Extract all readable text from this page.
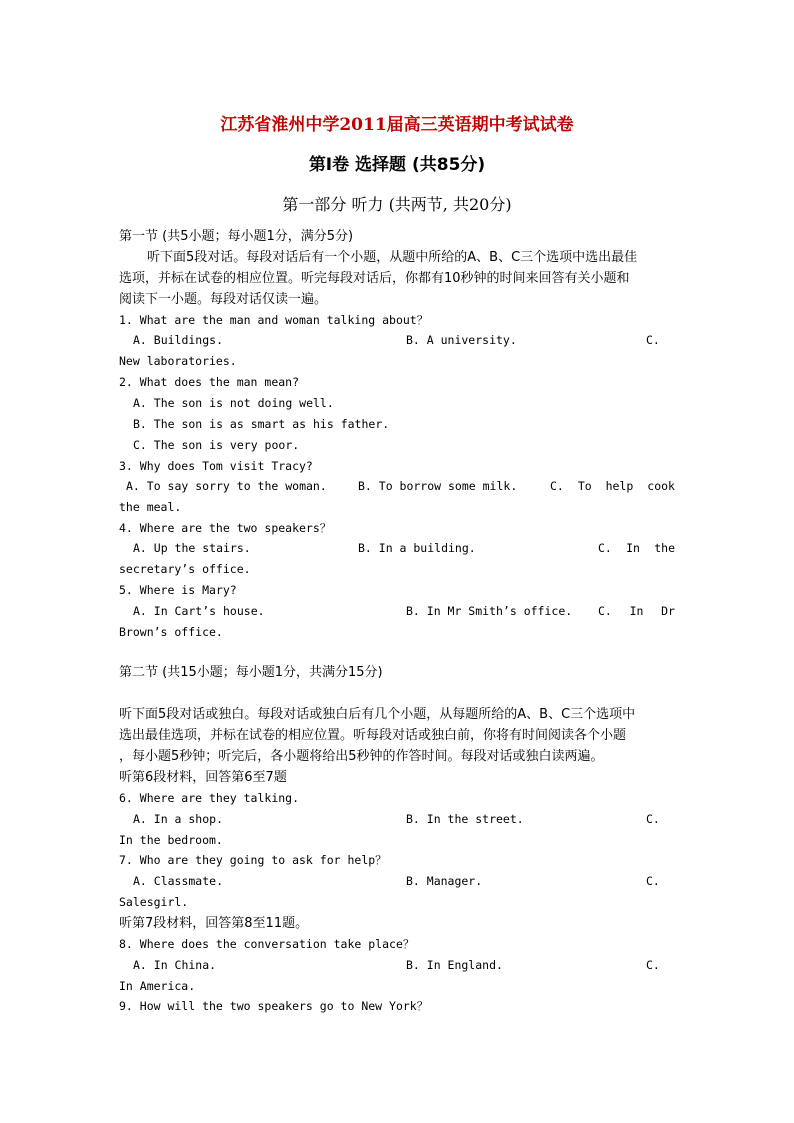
江苏省淮州中学2011届高三英语期中考试试卷
第I卷 选择题 (共85分)
第一部分 听力 (共两节, 共20分)
第一节 (共5小题；每小题1分，满分5分)
听下面5段对话。每段对话后有一个小题，从题中所给的A、B、C三个选项中选出最佳
选项，并标在试卷的相应位置。听完每段对话后，你都有10秒钟的时间来回答有关小题和
阅读下一小题。每段对话仅读一遍。
1. What are the man and woman talking about？
A. Buildings.	B. A university.	C.
New laboratories.
2. What does the man mean?
A. The son is not doing well.
B. The son is as smart as his father.
C. The son is very poor.
3. Why does Tom visit Tracy?
A. To say sorry to the woman.	B. To borrow some milk.	C. To help cook
the meal.
4. Where are the two speakers？
A. Up the stairs.	B. In a building.	C. In the
secretary’s office.
5. Where is Mary?
A. In Cart’s house.	B. In Mr Smith’s office. C. In Dr
Brown’s office.
第二节 (共15小题；每小题1分，共满分15分)
听下面5段对话或独白。每段对话或独白后有几个小题，从每题所给的A、B、C三个选项中
选出最佳选项，并标在试卷的相应位置。听每段对话或独白前，你将有时间阅读各个小题
，每小题5秒钟；听完后，各小题将给出5秒钟的作答时间。每段对话或独白读两遍。
听第6段材料，回答第6至7题
6. Where are they talking.
A. In a shop.	B. In the street.	C.
In the bedroom.
7. Who are they going to ask for help？
A. Classmate.	B. Manager.	C.
Salesgirl.
听第7段材料，回答第8至11题。
8. Where does the conversation take place？
A. In China.	B. In England.	C.
In America.
9. How will the two speakers go to New York？
